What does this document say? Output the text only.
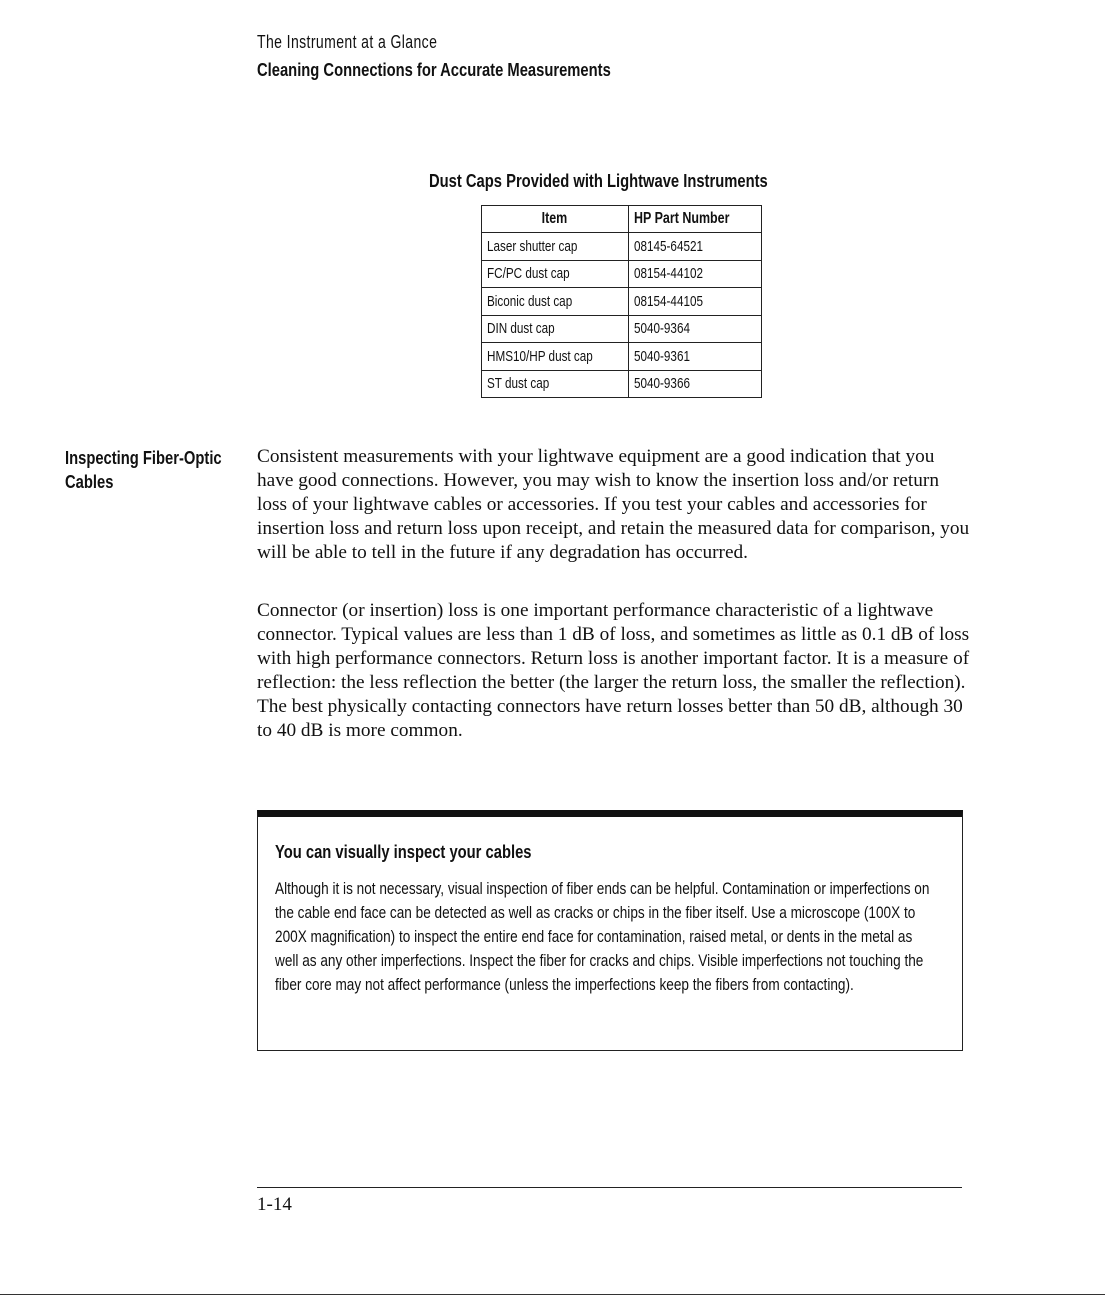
The Instrument at a Glance
Cleaning Connections for Accurate Measurements
Dust Caps Provided with Lightwave Instruments
Item	HP Part Number
Laser shutter cap	08145-64521
FC/PC dust cap	08154-44102
Biconic dust cap	08154-44105
DIN dust cap	5040-9364
HMS10/HP dust cap	5040-9361
ST dust cap	5040-9366
Inspecting Fiber-Optic
Cables

Consistent measurements with your lightwave equipment are a good indication that you have good connections. However, you may wish to know the insertion loss and/or return loss of your lightwave cables or accessories. If you test your cables and accessories for insertion loss and return loss upon receipt, and retain the measured data for comparison, you will be able to tell in the future if any degradation has occurred.

Connector (or insertion) loss is one important performance characteristic of a lightwave connector. Typical values are less than 1 dB of loss, and sometimes as little as 0.1 dB of loss with high performance connectors. Return loss is another important factor. It is a measure of reflection: the less reflection the better (the larger the return loss, the smaller the reflection). The best physically contacting connectors have return losses better than 50 dB, although 30 to 40 dB is more common.

You can visually inspect your cables

Although it is not necessary, visual inspection of fiber ends can be helpful. Contamination or imperfections on the cable end face can be detected as well as cracks or chips in the fiber itself. Use a microscope (100X to 200X magnification) to inspect the entire end face for contamination, raised metal, or dents in the metal as well as any other imperfections. Inspect the fiber for cracks and chips. Visible imperfections not touching the fiber core may not affect performance (unless the imperfections keep the fibers from contacting).

1-14
